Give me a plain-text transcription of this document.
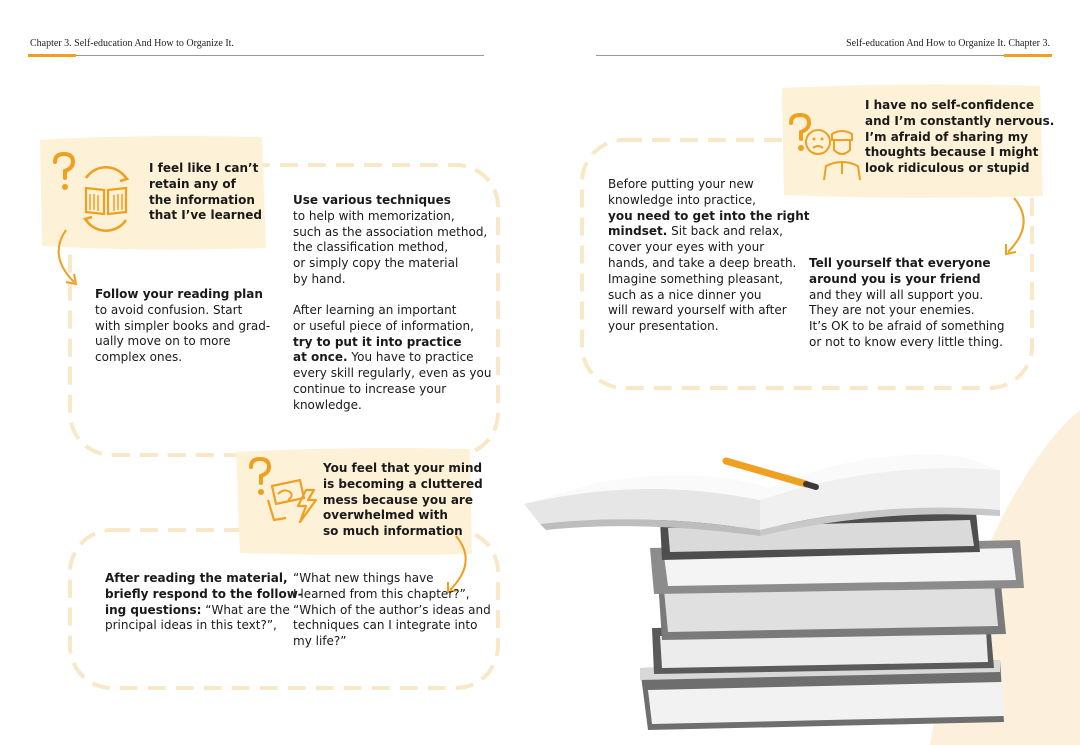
Chapter 3. Self-education And How to Organize It.	Self-education And How to Organize It. Chapter 3.
I feel like I can’t
retain any of
the information
that I’ve learned
Follow your reading plan
to avoid confusion. Start
with simpler books and grad-
ually move on to more
complex ones.
Use various techniques
to help with memorization,
such as the association method,
the classification method,
or simply copy the material
by hand.
After learning an important
or useful piece of information,
try to put it into practice
at once. You have to practice
every skill regularly, even as you
continue to increase your
knowledge.
You feel that your mind
is becoming a cluttered
mess because you are
overwhelmed with
so much information
After reading the material,
briefly respond to the follow-
ing questions: “What are the
principal ideas in this text?”,
“What new things have
I learned from this chapter?”,
“Which of the author’s ideas and
techniques can I integrate into
my life?”
I have no self-confidence
and I’m constantly nervous.
I’m afraid of sharing my
thoughts because I might
look ridiculous or stupid
Before putting your new
knowledge into practice,
you need to get into the right
mindset. Sit back and relax,
cover your eyes with your
hands, and take a deep breath.
Imagine something pleasant,
such as a nice dinner you
will reward yourself with after
your presentation.
Tell yourself that everyone
around you is your friend
and they will all support you.
They are not your enemies.
It’s OK to be afraid of something
or not to know every little thing.
